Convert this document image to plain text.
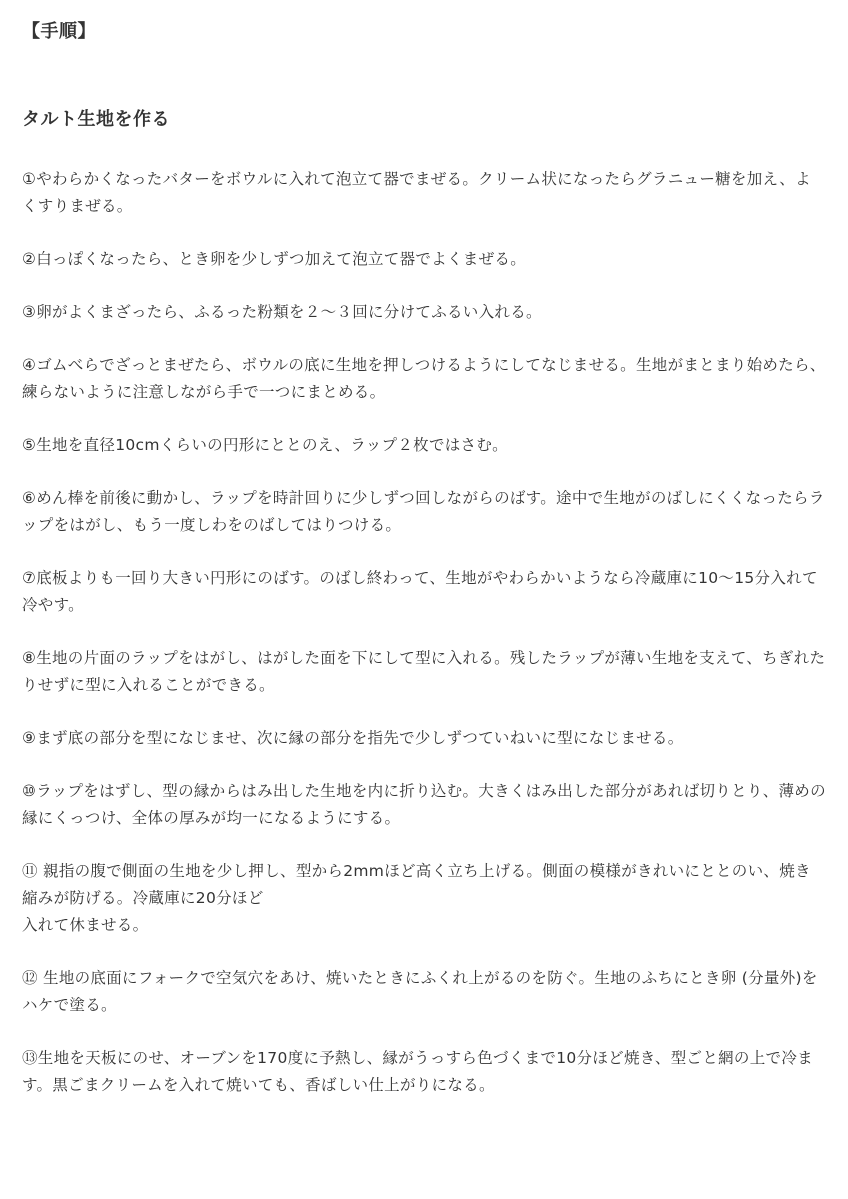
【手順】
タルト生地を作る
①やわらかくなったバターをボウルに入れて泡立て器でまぜる。クリーム状になったらグラニュー糖を加え、よくすりまぜる。
②白っぽくなったら、とき卵を少しずつ加えて泡立て器でよくまぜる。
③卵がよくまざったら、ふるった粉類を２〜３回に分けてふるい入れる。
④ゴムべらでざっとまぜたら、ボウルの底に生地を押しつけるようにしてなじませる。生地がまとまり始めたら、練らないように注意しながら手で一つにまとめる。
⑤生地を直径10cmくらいの円形にととのえ、ラップ２枚ではさむ。
⑥めん棒を前後に動かし、ラップを時計回りに少しずつ回しながらのばす。途中で生地がのばしにくくなったらラップをはがし、もう一度しわをのばしてはりつける。
⑦底板よりも一回り大きい円形にのばす。のばし終わって、生地がやわらかいようなら冷蔵庫に10〜15分入れて冷やす。
⑧生地の片面のラップをはがし、はがした面を下にして型に入れる。残したラップが薄い生地を支えて、ちぎれたりせずに型に入れることができる。
⑨まず底の部分を型になじませ、次に縁の部分を指先で少しずつていねいに型になじませる。
⑩ラップをはずし、型の縁からはみ出した生地を内に折り込む。大きくはみ出した部分があれば切りとり、薄めの縁にくっつけ、全体の厚みが均一になるようにする。
⑪ 親指の腹で側面の生地を少し押し、型から2mmほど高く立ち上げる。側面の模様がきれいにととのい、焼き縮みが防げる。冷蔵庫に20分ほど
入れて休ませる。
⑫ 生地の底面にフォークで空気穴をあけ、焼いたときにふくれ上がるのを防ぐ。生地のふちにとき卵 (分量外)をハケで塗る。
⑬生地を天板にのせ、オーブンを170度に予熱し、縁がうっすら色づくまで10分ほど焼き、型ごと網の上で冷ます。黒ごまクリームを入れて焼いても、香ばしい仕上がりになる。
